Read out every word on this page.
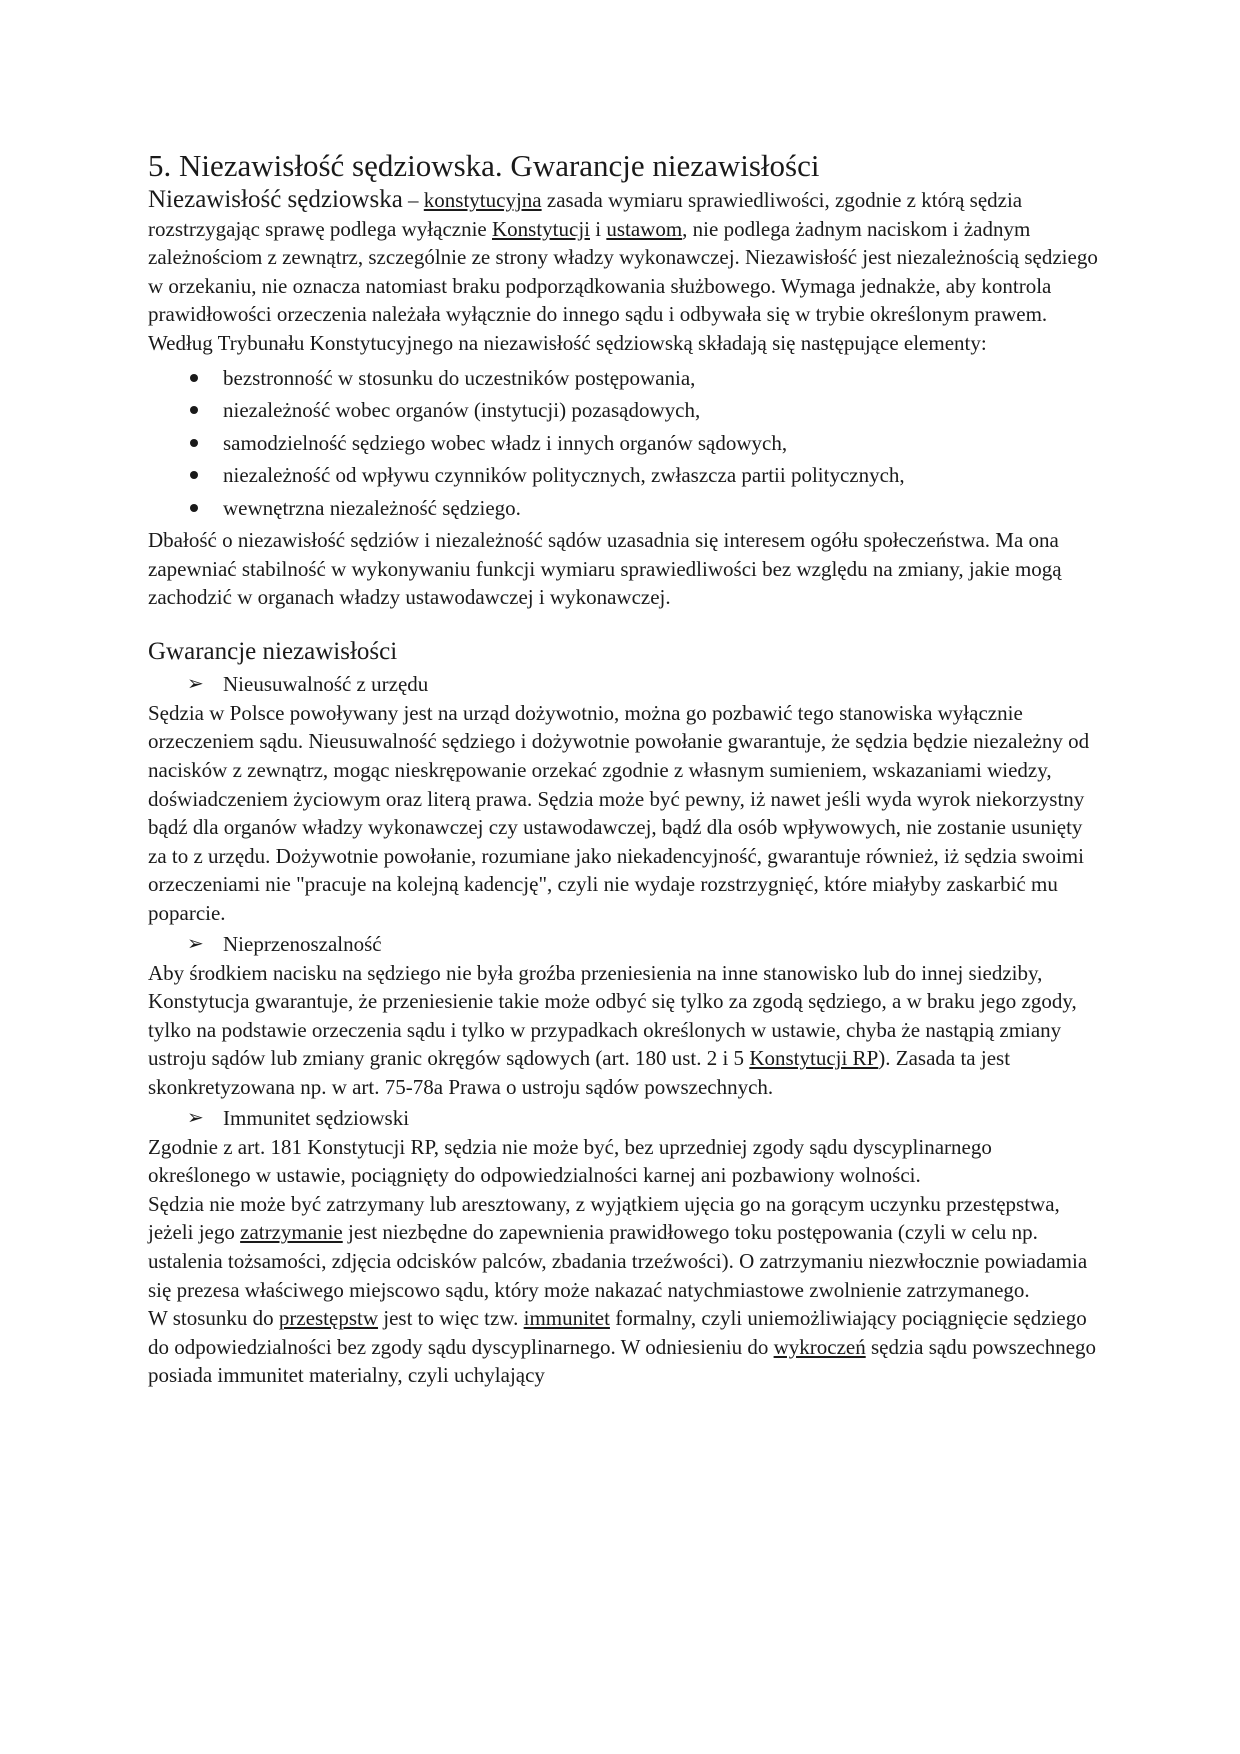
5. Niezawisłość sędziowska. Gwarancje niezawisłości

Niezawisłość sędziowska – konstytucyjna zasada wymiaru sprawiedliwości, zgodnie z którą sędzia rozstrzygając sprawę podlega wyłącznie Konstytucji i ustawom, nie podlega żadnym naciskom i żadnym zależnościom z zewnątrz, szczególnie ze strony władzy wykonawczej. Niezawisłość jest niezależnością sędziego w orzekaniu, nie oznacza natomiast braku podporządkowania służbowego. Wymaga jednakże, aby kontrola prawidłowości orzeczenia należała wyłącznie do innego sądu i odbywała się w trybie określonym prawem. Według Trybunału Konstytucyjnego na niezawisłość sędziowską składają się następujące elementy:

bezstronność w stosunku do uczestników postępowania,
niezależność wobec organów (instytucji) pozasądowych,
samodzielność sędziego wobec władz i innych organów sądowych,
niezależność od wpływu czynników politycznych, zwłaszcza partii politycznych,
wewnętrzna niezależność sędziego.

Dbałość o niezawisłość sędziów i niezależność sądów uzasadnia się interesem ogółu społeczeństwa. Ma ona zapewniać stabilność w wykonywaniu funkcji wymiaru sprawiedliwości bez względu na zmiany, jakie mogą zachodzić w organach władzy ustawodawczej i wykonawczej.

Gwarancje niezawisłości
➢ Nieusuwalność z urzędu

Sędzia w Polsce powoływany jest na urząd dożywotnio, można go pozbawić tego stanowiska wyłącznie orzeczeniem sądu. Nieusuwalność sędziego i dożywotnie powołanie gwarantuje, że sędzia będzie niezależny od nacisków z zewnątrz, mogąc nieskrępowanie orzekać zgodnie z własnym sumieniem, wskazaniami wiedzy, doświadczeniem życiowym oraz literą prawa. Sędzia może być pewny, iż nawet jeśli wyda wyrok niekorzystny bądź dla organów władzy wykonawczej czy ustawodawczej, bądź dla osób wpływowych, nie zostanie usunięty za to z urzędu. Dożywotnie powołanie, rozumiane jako niekadencyjność, gwarantuje również, iż sędzia swoimi orzeczeniami nie "pracuje na kolejną kadencję", czyli nie wydaje rozstrzygnięć, które miałyby zaskarbić mu poparcie.

➢ Nieprzenoszalność

Aby środkiem nacisku na sędziego nie była groźba przeniesienia na inne stanowisko lub do innej siedziby, Konstytucja gwarantuje, że przeniesienie takie może odbyć się tylko za zgodą sędziego, a w braku jego zgody, tylko na podstawie orzeczenia sądu i tylko w przypadkach określonych w ustawie, chyba że nastąpią zmiany ustroju sądów lub zmiany granic okręgów sądowych (art. 180 ust. 2 i 5 Konstytucji RP). Zasada ta jest skonkretyzowana np. w art. 75-78a Prawa o ustroju sądów powszechnych.

➢ Immunitet sędziowski

Zgodnie z art. 181 Konstytucji RP, sędzia nie może być, bez uprzedniej zgody sądu dyscyplinarnego określonego w ustawie, pociągnięty do odpowiedzialności karnej ani pozbawiony wolności.

Sędzia nie może być zatrzymany lub aresztowany, z wyjątkiem ujęcia go na gorącym uczynku przestępstwa, jeżeli jego zatrzymanie jest niezbędne do zapewnienia prawidłowego toku postępowania (czyli w celu np. ustalenia tożsamości, zdjęcia odcisków palców, zbadania trzeźwości). O zatrzymaniu niezwłocznie powiadamia się prezesa właściwego miejscowo sądu, który może nakazać natychmiastowe zwolnienie zatrzymanego.

W stosunku do przestępstw jest to więc tzw. immunitet formalny, czyli uniemożliwiający pociągnięcie sędziego do odpowiedzialności bez zgody sądu dyscyplinarnego. W odniesieniu do wykroczeń sędzia sądu powszechnego posiada immunitet materialny, czyli uchylający
